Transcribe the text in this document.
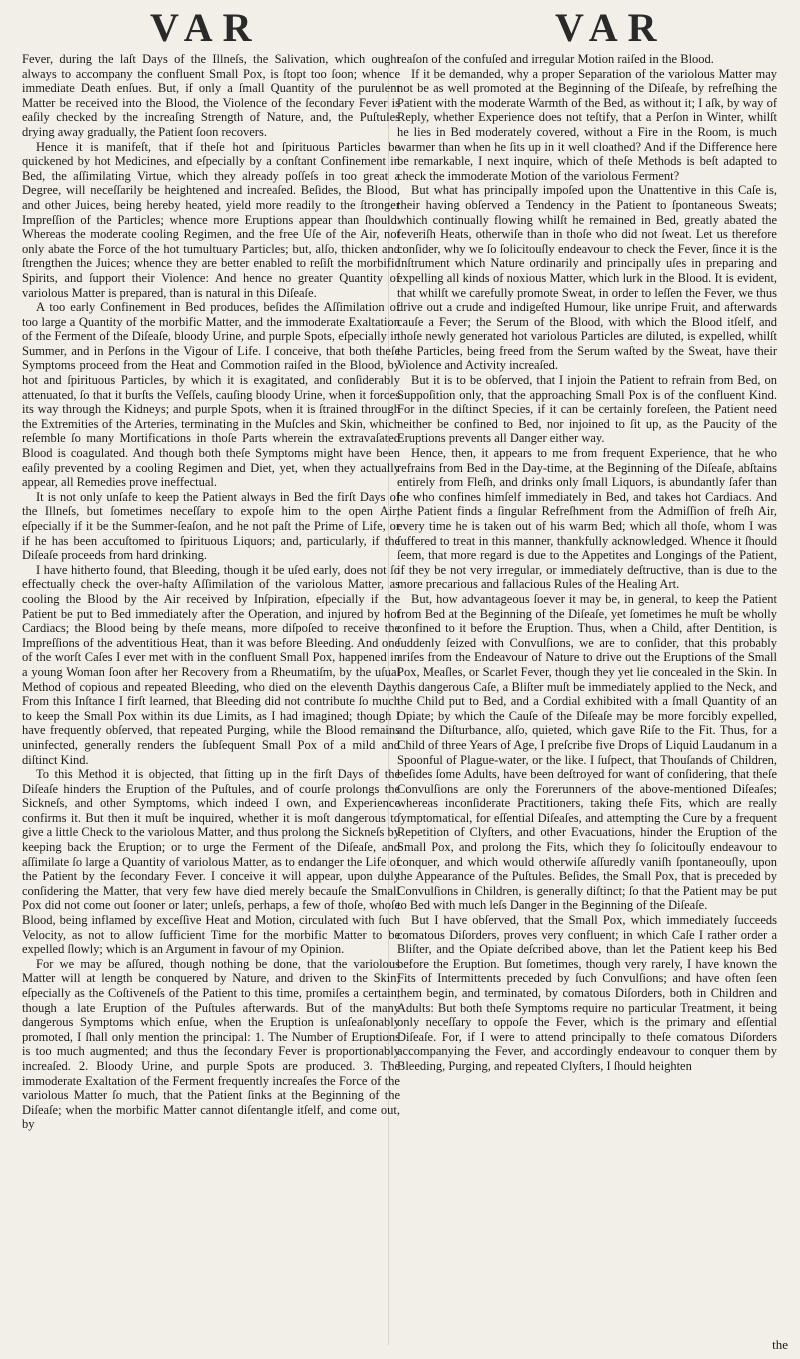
VAR	VAR

Fever, during the laſt Days of the Illneſs, the Salivation, which ought always to accompany the confluent Small Pox, is ſtopt too ſoon; whence immediate Death enſues. But, if only a ſmall Quantity of the purulent Matter be received into the Blood, the Violence of the ſecondary Fever is eaſily checked by the increaſing Strength of Nature, and, the Puſtules drying away gradually, the Patient ſoon recovers.

Hence it is manifeſt, that if theſe hot and ſpirituous Particles be quickened by hot Medicines, and eſpecially by a conſtant Confinement in Bed, the aſſimilating Virtue, which they already poſſeſs in too great a Degree, will neceſſarily be heightened and increaſed. Beſides, the Blood, and other Juices, being hereby heated, yield more readily to the ſtronger Impreſſion of the Particles; whence more Eruptions appear than ſhould. Whereas the moderate cooling Regimen, and the free Uſe of the Air, not only abate the Force of the hot tumultuary Particles; but, alſo, thicken and ſtrengthen the Juices; whence they are better enabled to reſiſt the morbific Spirits, and ſupport their Violence: And hence no greater Quantity of variolous Matter is prepared, than is natural in this Diſeaſe.

A too early Confinement in Bed produces, beſides the Aſſimilation of too large a Quantity of the morbific Matter, and the immoderate Exaltation of the Ferment of the Diſeaſe, bloody Urine, and purple Spots, eſpecially in Summer, and in Perſons in the Vigour of Life. I conceive, that both theſe Symptoms proceed from the Heat and Commotion raiſed in the Blood, by hot and ſpirituous Particles, by which it is exagitated, and conſiderably attenuated, ſo that it burſts the Veſſels, cauſing bloody Urine, when it forces its way through the Kidneys; and purple Spots, when it is ſtrained through the Extremities of the Arteries, terminating in the Muſcles and Skin, which reſemble ſo many Mortifications in thoſe Parts wherein the extravaſated Blood is coagulated. And though both theſe Symptoms might have been eaſily prevented by a cooling Regimen and Diet, yet, when they actually appear, all Remedies prove ineffectual.

It is not only unſafe to keep the Patient always in Bed the firſt Days of the Illneſs, but ſometimes neceſſary to expoſe him to the open Air; eſpecially if it be the Summer-ſeaſon, and he not paſt the Prime of Life, or if he has been accuſtomed to ſpirituous Liquors; and, particularly, if the Diſeaſe proceeds from hard drinking.

I have hitherto found, that Bleeding, though it be uſed early, does not ſo effectually check the over-haſty Aſſimilation of the variolous Matter, as cooling the Blood by the Air received by Inſpiration, eſpecially if the Patient be put to Bed immediately after the Operation, and injured by hot Cardiacs; the Blood being by theſe means, more diſpoſed to receive the Impreſſions of the adventitious Heat, than it was before Bleeding. And one of the worſt Caſes I ever met with in the confluent Small Pox, happened in a young Woman ſoon after her Recovery from a Rheumatiſm, by the uſual Method of copious and repeated Bleeding, who died on the eleventh Day. From this Inſtance I firſt learned, that Bleeding did not contribute ſo much to keep the Small Pox within its due Limits, as I had imagined; though I have frequently obſerved, that repeated Purging, while the Blood remains uninfected, generally renders the ſubſequent Small Pox of a mild and diſtinct Kind.

To this Method it is objected, that ſitting up in the firſt Days of the Diſeaſe hinders the Eruption of the Puſtules, and of courſe prolongs the Sickneſs, and other Symptoms, which indeed I own, and Experience confirms it. But then it muſt be inquired, whether it is moſt dangerous to give a little Check to the variolous Matter, and thus prolong the Sickneſs by keeping back the Eruption; or to urge the Ferment of the Diſeaſe, and aſſimilate ſo large a Quantity of variolous Matter, as to endanger the Life of the Patient by the ſecondary Fever. I conceive it will appear, upon duly conſidering the Matter, that very few have died merely becauſe the Small Pox did not come out ſooner or later; unleſs, perhaps, a few of thoſe, whoſe Blood, being inflamed by exceſſive Heat and Motion, circulated with ſuch Velocity, as not to allow ſufficient Time for the morbific Matter to be expelled ſlowly; which is an Argument in favour of my Opinion.

For we may be aſſured, though nothing be done, that the variolous Matter will at length be conquered by Nature, and driven to the Skin; eſpecially as the Coſtiveneſs of the Patient to this time, promiſes a certain, though a late Eruption of the Puſtules afterwards. But of the many dangerous Symptoms which enſue, when the Eruption is unſeaſonably promoted, I ſhall only mention the principal: 1. The Number of Eruptions is too much augmented; and thus the ſecondary Fever is proportionably increaſed. 2. Bloody Urine, and purple Spots are produced. 3. The immoderate Exaltation of the Ferment frequently increaſes the Force of the variolous Matter ſo much, that the Patient ſinks at the Beginning of the Diſeaſe; when the morbific Matter cannot diſentangle itſelf, and come out, by

reaſon of the confuſed and irregular Motion raiſed in the Blood.

If it be demanded, why a proper Separation of the variolous Matter may not be as well promoted at the Beginning of the Diſeaſe, by refreſhing the Patient with the moderate Warmth of the Bed, as without it; I aſk, by way of Reply, whether Experience does not teſtify, that a Perſon in Winter, whilſt he lies in Bed moderately covered, without a Fire in the Room, is much warmer than when he ſits up in it well cloathed? And if the Difference here be remarkable, I next inquire, which of theſe Methods is beſt adapted to check the immoderate Motion of the variolous Ferment?

But what has principally impoſed upon the Unattentive in this Caſe is, their having obſerved a Tendency in the Patient to ſpontaneous Sweats; which continually flowing whilſt he remained in Bed, greatly abated the feveriſh Heats, otherwiſe than in thoſe who did not ſweat. Let us therefore conſider, why we ſo ſolicitouſly endeavour to check the Fever, ſince it is the Inſtrument which Nature ordinarily and principally uſes in preparing and expelling all kinds of noxious Matter, which lurk in the Blood. It is evident, that whilſt we carefully promote Sweat, in order to leſſen the Fever, we thus drive out a crude and indigeſted Humour, like unripe Fruit, and afterwards cauſe a Fever; the Serum of the Blood, with which the Blood itſelf, and thoſe newly generated hot variolous Particles are diluted, is expelled, whilſt the Particles, being freed from the Serum waſted by the Sweat, have their Violence and Activity increaſed.

But it is to be obſerved, that I injoin the Patient to refrain from Bed, on Suppoſition only, that the approaching Small Pox is of the confluent Kind. For in the diſtinct Species, if it can be certainly foreſeen, the Patient need neither be confined to Bed, nor injoined to ſit up, as the Paucity of the Eruptions prevents all Danger either way.

Hence, then, it appears to me from frequent Experience, that he who refrains from Bed in the Day-time, at the Beginning of the Diſeaſe, abſtains entirely from Fleſh, and drinks only ſmall Liquors, is abundantly ſafer than he who confines himſelf immediately in Bed, and takes hot Cardiacs. And the Patient finds a ſingular Refreſhment from the Admiſſion of freſh Air, every time he is taken out of his warm Bed; which all thoſe, whom I was ſuffered to treat in this manner, thankfully acknowledged. Whence it ſhould ſeem, that more regard is due to the Appetites and Longings of the Patient, if they be not very irregular, or immediately deſtructive, than is due to the more precarious and fallacious Rules of the Healing Art.

But, how advantageous ſoever it may be, in general, to keep the Patient from Bed at the Beginning of the Diſeaſe, yet ſometimes he muſt be wholly confined to it before the Eruption. Thus, when a Child, after Dentition, is ſuddenly ſeized with Convulſions, we are to conſider, that this probably ariſes from the Endeavour of Nature to drive out the Eruptions of the Small Pox, Meaſles, or Scarlet Fever, though they yet lie concealed in the Skin. In this dangerous Caſe, a Bliſter muſt be immediately applied to the Neck, and the Child put to Bed, and a Cordial exhibited with a ſmall Quantity of an Opiate; by which the Cauſe of the Diſeaſe may be more forcibly expelled, and the Diſturbance, alſo, quieted, which gave Riſe to the Fit. Thus, for a Child of three Years of Age, I preſcribe five Drops of Liquid Laudanum in a Spoonful of Plague-water, or the like. I ſuſpect, that Thouſands of Children, beſides ſome Adults, have been deſtroyed for want of conſidering, that theſe Convulſions are only the Forerunners of the above-mentioned Diſeaſes; whereas inconſiderate Practitioners, taking theſe Fits, which are really ſymptomatical, for eſſential Diſeaſes, and attempting the Cure by a frequent Repetition of Clyſters, and other Evacuations, hinder the Eruption of the Small Pox, and prolong the Fits, which they ſo ſolicitouſly endeavour to conquer, and which would otherwiſe aſſuredly vaniſh ſpontaneouſly, upon the Appearance of the Puſtules. Beſides, the Small Pox, that is preceded by Convulſions in Children, is generally diſtinct; ſo that the Patient may be put to Bed with much leſs Danger in the Beginning of the Diſeaſe.

But I have obſerved, that the Small Pox, which immediately ſucceeds comatous Diſorders, proves very confluent; in which Caſe I rather order a Bliſter, and the Opiate deſcribed above, than let the Patient keep his Bed before the Eruption. But ſometimes, though very rarely, I have known the Fits of Intermittents preceded by ſuch Convulſions; and have often ſeen them begin, and terminated, by comatous Diſorders, both in Children and Adults: But both theſe Symptoms require no particular Treatment, it being only neceſſary to oppoſe the Fever, which is the primary and eſſential Diſeaſe. For, if I were to attend principally to theſe comatous Diſorders accompanying the Fever, and accordingly endeavour to conquer them by Bleeding, Purging, and repeated Clyſters, I ſhould heighten

the
